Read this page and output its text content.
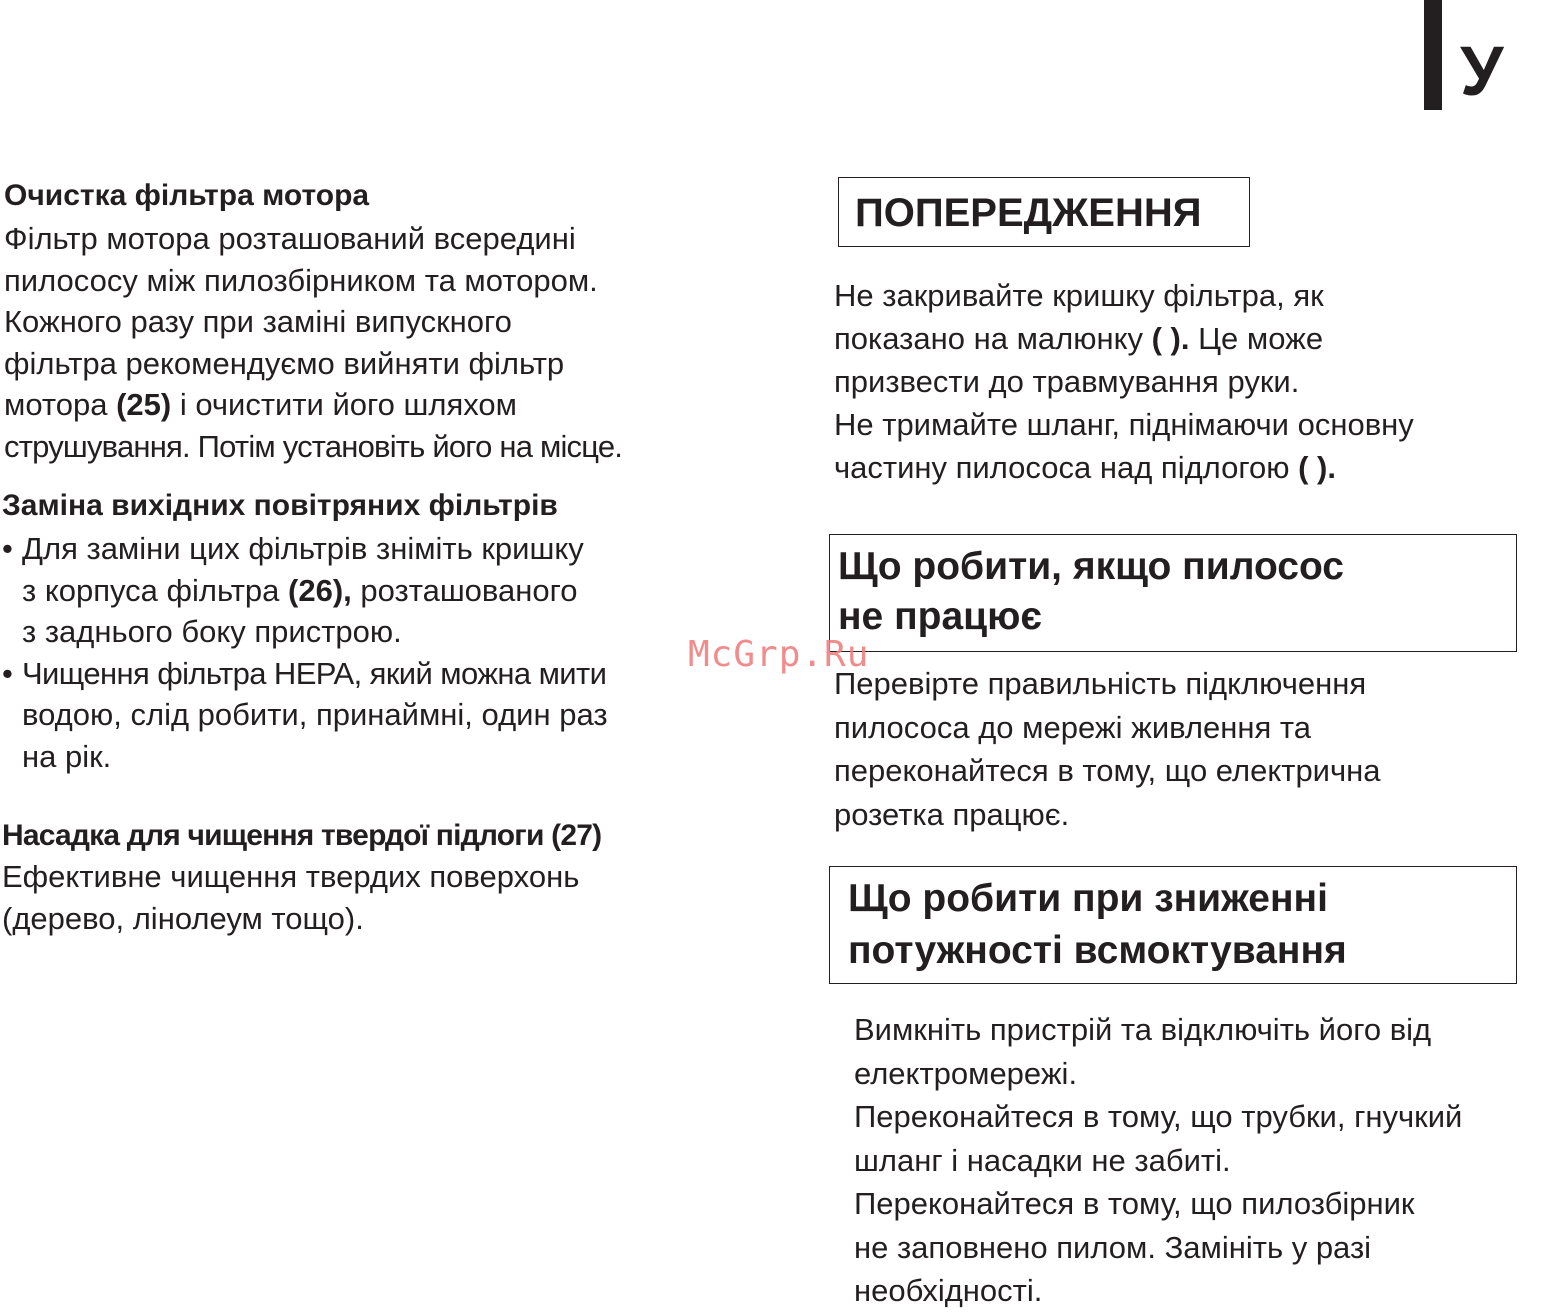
У
Очистка фільтра мотора
Фільтр мотора розташований всередині
пилососу між пилозбірником та мотором.
Кожного разу при заміні випускного
фільтра рекомендуємо вийняти фільтр
мотора (25) і очистити його шляхом
струшування. Потім установіть його на місце.
Заміна вихідних повітряних фільтрів
• Для заміни цих фільтрів зніміть кришку
з корпуса фільтра (26), розташованого
з заднього боку пристрою.
• Чищення фільтра HEPA, який можна мити
водою, слід робити, принаймні, один раз
на рік.
Насадка для чищення твердої підлоги (27)
Ефективне чищення твердих поверхонь
(дерево, лінолеум тощо).
ПОПЕРЕДЖЕННЯ
Не закривайте кришку фільтра, як
показано на малюнку ( ). Це може
призвести до травмування руки.
Не тримайте шланг, піднімаючи основну
частину пилососа над підлогою ( ).
Що робити, якщо пилосос
не працює
Перевірте правильність підключення
пилососа до мережі живлення та
переконайтеся в тому, що електрична
розетка працює.
Що робити при зниженні
потужності всмоктування
Вимкніть пристрій та відключіть його від
електромережі.
Переконайтеся в тому, що трубки, гнучкий
шланг і насадки не забиті.
Переконайтеся в тому, що пилозбірник
не заповнено пилом. Замініть у разі
необхідності.
McGrp.Ru
